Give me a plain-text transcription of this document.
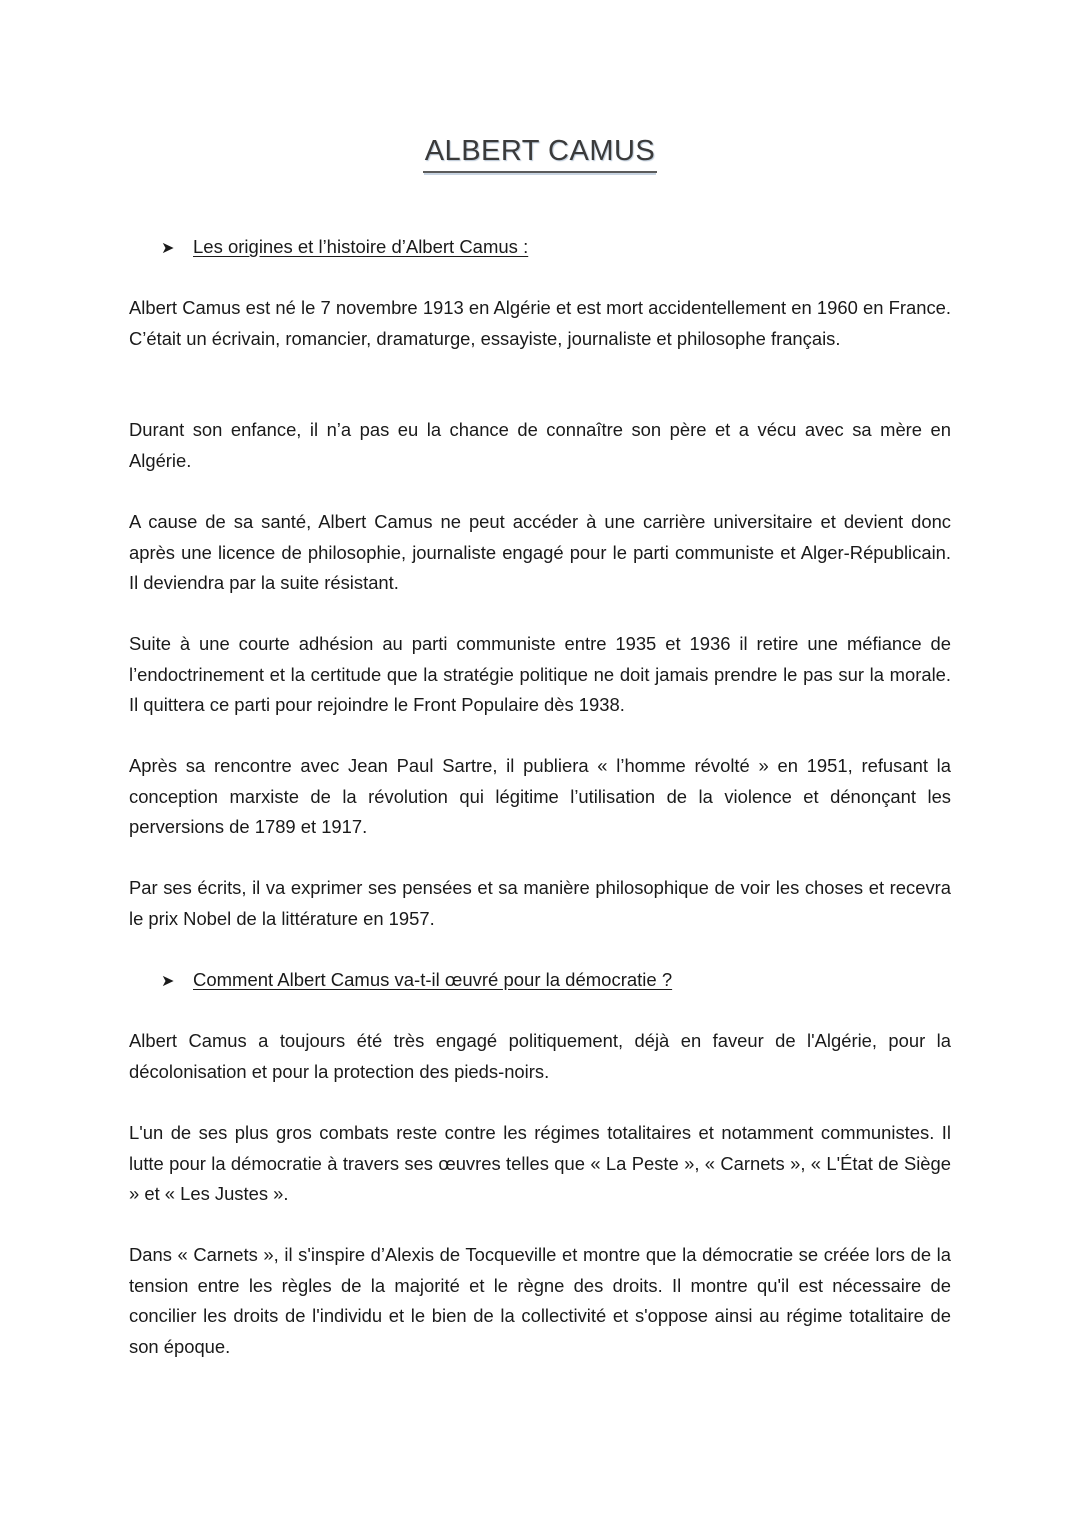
ALBERT CAMUS
➤ Les origines et l’histoire d’Albert Camus :

Albert Camus est né le 7 novembre 1913 en Algérie et est mort accidentellement en 1960 en France. C’était un écrivain, romancier, dramaturge, essayiste, journaliste et philosophe français.

Durant son enfance, il n’a pas eu la chance de connaître son père et a vécu avec sa mère en Algérie.

A cause de sa santé, Albert Camus ne peut accéder à une carrière universitaire et devient donc après une licence de philosophie, journaliste engagé pour le parti communiste et Alger-Républicain. Il deviendra par la suite résistant.

Suite à une courte adhésion au parti communiste entre 1935 et 1936 il retire une méfiance de l’endoctrinement et la certitude que la stratégie politique ne doit jamais prendre le pas sur la morale. Il quittera ce parti pour rejoindre le Front Populaire dès 1938.

Après sa rencontre avec Jean Paul Sartre, il publiera « l’homme révolté » en 1951, refusant la conception marxiste de la révolution qui légitime l’utilisation de la violence et dénonçant les perversions de 1789 et 1917.

Par ses écrits, il va exprimer ses pensées et sa manière philosophique de voir les choses et recevra le prix Nobel de la littérature en 1957.

➤ Comment Albert Camus va-t-il œuvré pour la démocratie ?

Albert Camus a toujours été très engagé politiquement, déjà en faveur de l'Algérie, pour la décolonisation et pour la protection des pieds-noirs.

L'un de ses plus gros combats reste contre les régimes totalitaires et notamment communistes. Il lutte pour la démocratie à travers ses œuvres telles que « La Peste », « Carnets », « L'État de Siège » et « Les Justes ».

Dans « Carnets », il s'inspire d’Alexis de Tocqueville et montre que la démocratie se créée lors de la tension entre les règles de la majorité et le règne des droits. Il montre qu'il est nécessaire de concilier les droits de l'individu et le bien de la collectivité et s'oppose ainsi au régime totalitaire de son époque.
